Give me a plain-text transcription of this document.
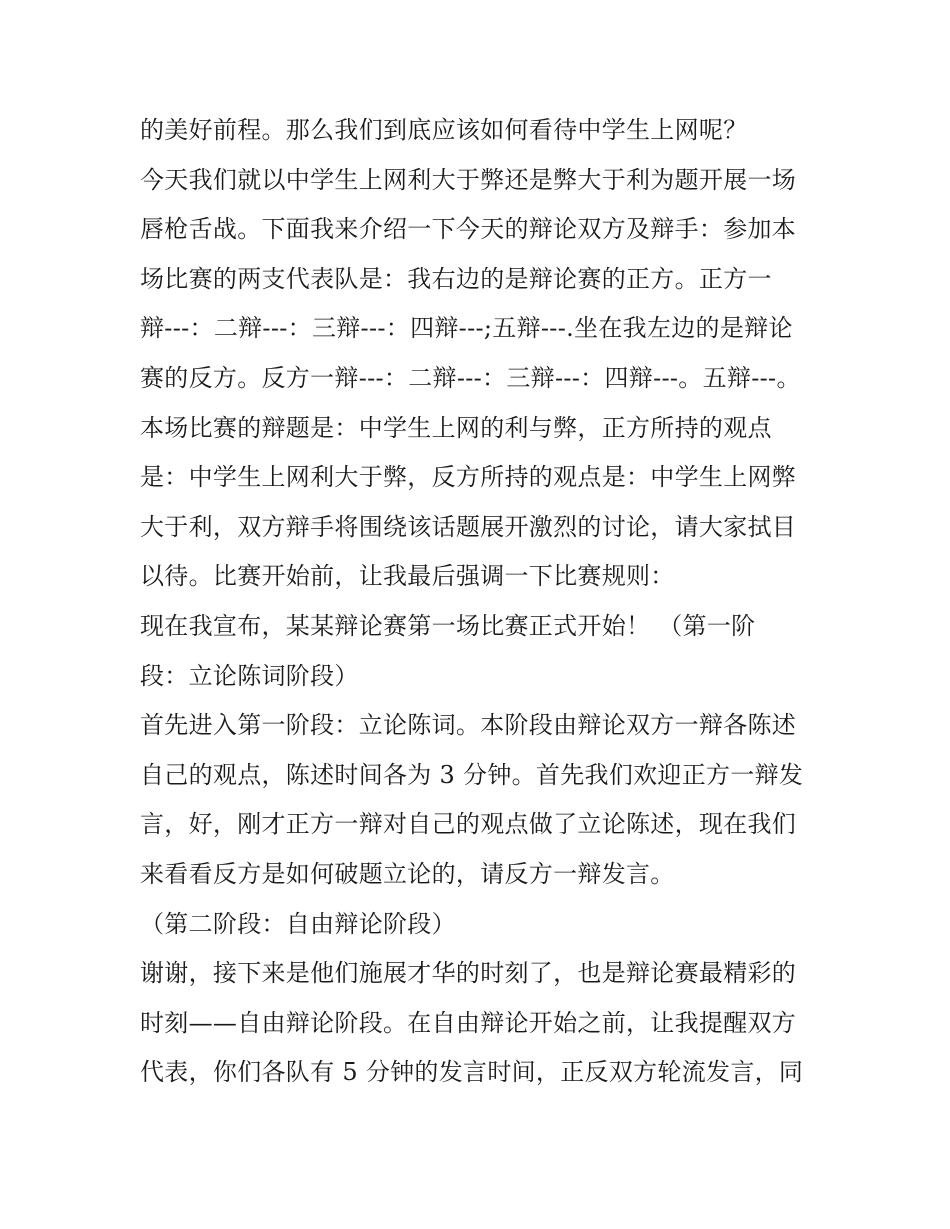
的美好前程。那么我们到底应该如何看待中学生上网呢？
今天我们就以中学生上网利大于弊还是弊大于利为题开展一场
唇枪舌战。下面我来介绍一下今天的辩论双方及辩手：参加本
场比赛的两支代表队是：我右边的是辩论赛的正方。正方一
辩---：二辩---：三辩---：四辩---;五辩---.坐在我左边的是辩论
赛的反方。反方一辩---：二辩---：三辩---：四辩---。五辩---。
本场比赛的辩题是：中学生上网的利与弊，正方所持的观点
是：中学生上网利大于弊，反方所持的观点是：中学生上网弊
大于利，双方辩手将围绕该话题展开激烈的讨论，请大家拭目
以待。比赛开始前，让我最后强调一下比赛规则：
现在我宣布，某某辩论赛第一场比赛正式开始！ （第一阶
段：立论陈词阶段）
首先进入第一阶段：立论陈词。本阶段由辩论双方一辩各陈述
自己的观点，陈述时间各为 3 分钟。首先我们欢迎正方一辩发
言，好，刚才正方一辩对自己的观点做了立论陈述，现在我们
来看看反方是如何破题立论的，请反方一辩发言。
（第二阶段：自由辩论阶段）
谢谢，接下来是他们施展才华的时刻了，也是辩论赛最精彩的
时刻——自由辩论阶段。在自由辩论开始之前，让我提醒双方
代表，你们各队有 5 分钟的发言时间，正反双方轮流发言，同
